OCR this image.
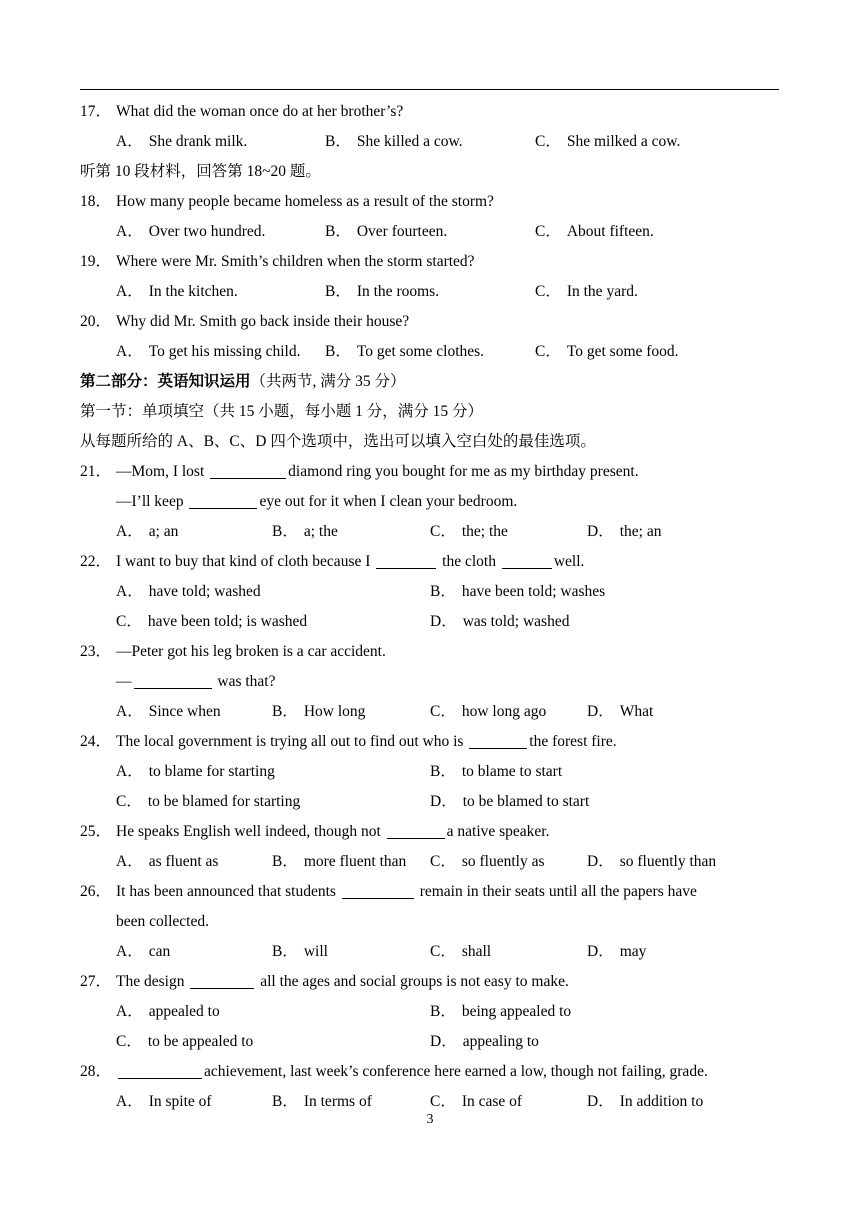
17． What did the woman once do at her brother’s?
A． She drank milk.	B． She killed a cow.	C． She milked a cow.
听第 10 段材料，回答第 18~20 题。
18． How many people became homeless as a result of the storm?
A． Over two hundred.	B． Over fourteen.	C． About fifteen.
19． Where were Mr. Smith’s children when the storm started?
A． In the kitchen.	B． In the rooms.	C． In the yard.
20． Why did Mr. Smith go back inside their house?
A． To get his missing child. B． To get some clothes.	C． To get some food.
第二部分：英语知识运用（共两节, 满分 35 分）
第一节：单项填空（共 15 小题，每小题 1 分，满分 15 分）
从每题所给的 A、B、C、D 四个选项中，选出可以填入空白处的最佳选项。
21． —Mom, I lost	diamond ring you bought for me as my birthday present.
—I’ll keep	eye out for it when I clean your bedroom.
A． a; an	B． a; the	C． the; the	D． the; an
22． I want to buy that kind of cloth because I	the cloth	well.
A． have told; washed	B． have been told; washes
C． have been told; is washed	D． was told; washed
23． —Peter got his leg broken is a car accident.
—	was that?
A． Since when	B． How long	C． how long ago	D． What
24． The local government is trying all out to find out who is	the forest fire.
A． to blame for starting	B． to blame to start
C． to be blamed for starting	D． to be blamed to start
25． He speaks English well indeed, though not	a native speaker.
A． as fluent as	B． more fluent than C． so fluently as	D． so fluently than
26． It has been announced that students	remain in their seats until all the papers have
been collected.
A． can	B． will	C． shall	D． may
27． The design	all the ages and social groups is not easy to make.
A． appealed to	B． being appealed to
C． to be appealed to	D． appealing to
28．	achievement, last week’s conference here earned a low, though not failing, grade.
A． In spite of	B． In terms of	C． In case of	D． In addition to
3
